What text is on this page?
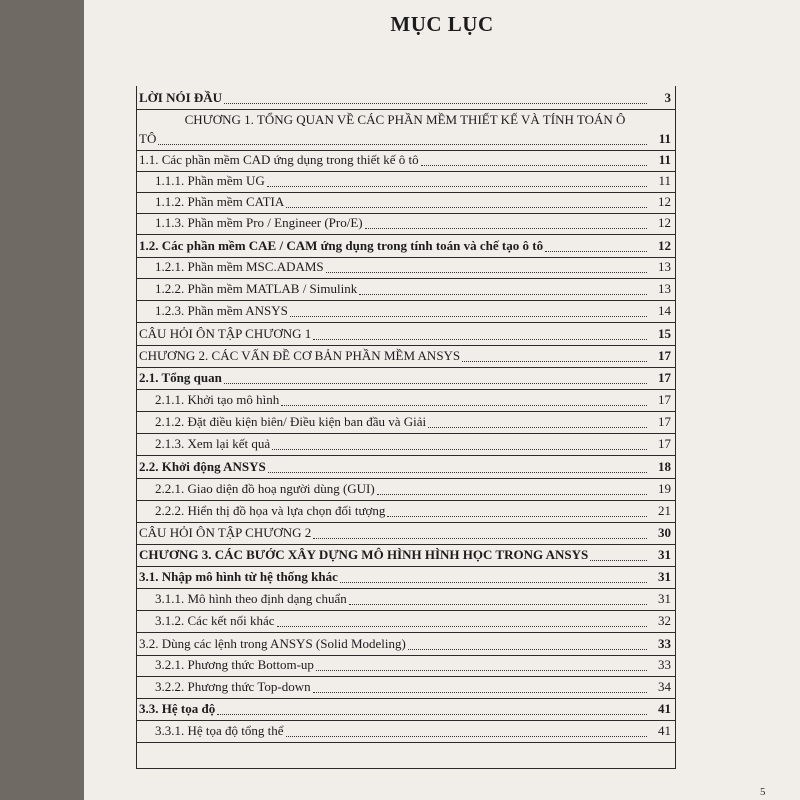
MỤC LỤC
LỜI NÓI ĐẦU	3
CHƯƠNG 1. TỔNG QUAN VỀ CÁC PHẦN MỀM THIẾT KẾ VÀ TÍNH TOÁN Ô
TÔ	11
1.1. Các phần mềm CAD ứng dụng trong thiết kế ô tô	11
1.1.1. Phần mềm UG	11
1.1.2. Phần mềm CATIA	12
1.1.3. Phần mềm Pro / Engineer (Pro/E)	12
1.2. Các phần mềm CAE / CAM ứng dụng trong tính toán và chế tạo ô tô	12
1.2.1. Phần mềm MSC.ADAMS	13
1.2.2. Phần mềm MATLAB / Simulink	13
1.2.3. Phần mềm ANSYS	14
CÂU HỎI ÔN TẬP CHƯƠNG 1	15
CHƯƠNG 2. CÁC VẤN ĐỀ CƠ BẢN PHẦN MỀM ANSYS	17
2.1. Tổng quan	17
2.1.1. Khởi tạo mô hình	17
2.1.2. Đặt điều kiện biên/ Điều kiện ban đầu và Giải	17
2.1.3. Xem lại kết quả	17
2.2. Khởi động ANSYS	18
2.2.1. Giao diện đồ hoạ người dùng (GUI)	19
2.2.2. Hiển thị đồ họa và lựa chọn đối tượng	21
CÂU HỎI ÔN TẬP CHƯƠNG 2	30
CHƯƠNG 3. CÁC BƯỚC XÂY DỰNG MÔ HÌNH HÌNH HỌC TRONG ANSYS	31
3.1. Nhập mô hình từ hệ thống khác	31
3.1.1. Mô hình theo định dạng chuẩn	31
3.1.2. Các kết nối khác	32
3.2. Dùng các lệnh trong ANSYS (Solid Modeling)	33
3.2.1. Phương thức Bottom-up	33
3.2.2. Phương thức Top-down	34
3.3. Hệ tọa độ	41
3.3.1. Hệ tọa độ tổng thể	41
5
